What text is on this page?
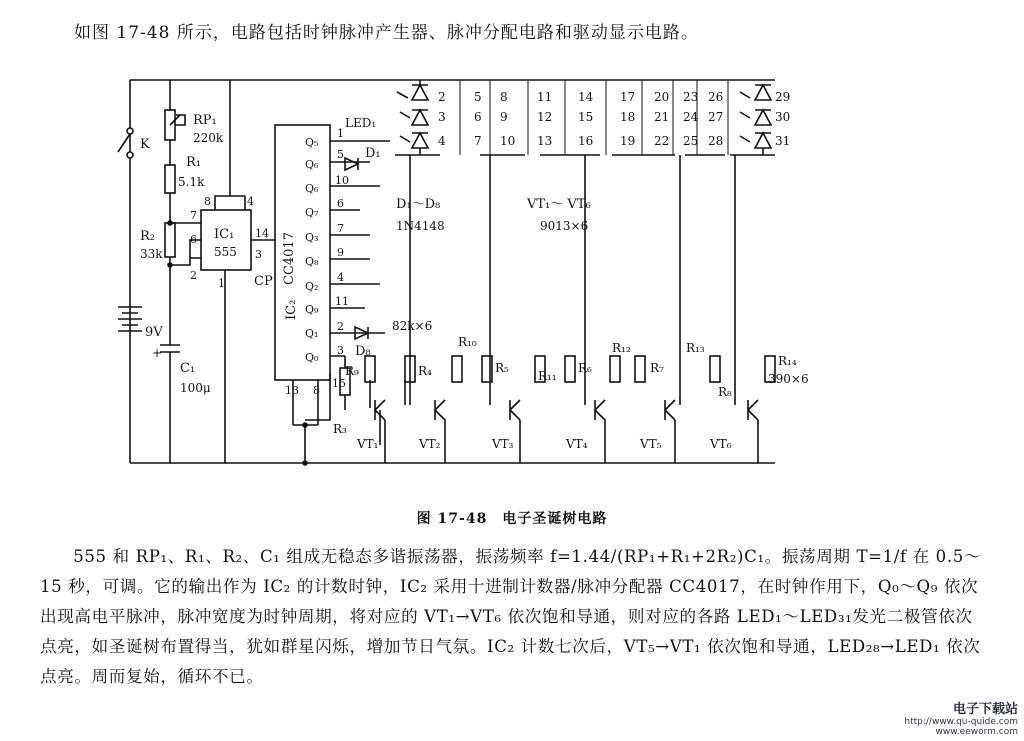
如图 17-48 所示，电路包括时钟脉冲产生器、脉冲分配电路和驱动显示电路。
K
9V
RP₁
220k
R₁
5.1k
R₂
33k
+
C₁
100μ
IC₁
555
8	4
7
6
2
3
1
14
CP CC4017
IC₂
Q₅
Q₆
Q₆
Q₇
Q₃
Q₈
Q₂
Q₉
Q₁
Q₀
1
5
10
6
7
9
4
11
2
3
15
13 8
D₁
D₈
LED₁
D₁～D₈
1N4148
VT₁～ VT₆
9013×6
82k×6
2
3
4
5
6
7
8
9
10
11
12
13
14
15
16
17
18
19
20
21
22
23
24
25
26
27
28
29
30
31
R₉	R₄
R₁₀
R₅
R₁₁
R₆
R₁₂
R₇
R₁₃
R₈
R₁₄
390×6
R₃
VT₁	VT₂	VT₃	VT₄	VT₅	VT₆
图 17-48　电子圣诞树电路

555 和 RP₁、R₁、R₂、C₁ 组成无稳态多谐振荡器，振荡频率 f=1.44/(RP₁+R₁+2R₂)C₁。振荡周期 T=1/f 在 0.5～15 秒，可调。它的输出作为 IC₂ 的计数时钟，IC₂ 采用十进制计数器/脉冲分配器 CC4017，在时钟作用下，Q₀～Q₉ 依次出现高电平脉冲，脉冲宽度为时钟周期，将对应的 VT₁→VT₆ 依次饱和导通，则对应的各路 LED₁～LED₃₁发光二极管依次点亮，如圣诞树布置得当，犹如群星闪烁，增加节日气氛。IC₂ 计数七次后，VT₅→VT₁ 依次饱和导通，LED₂₈→LED₁ 依次点亮。周而复始，循环不已。

电子下载站
http://www.qu-quide.com
www.eeworm.com
